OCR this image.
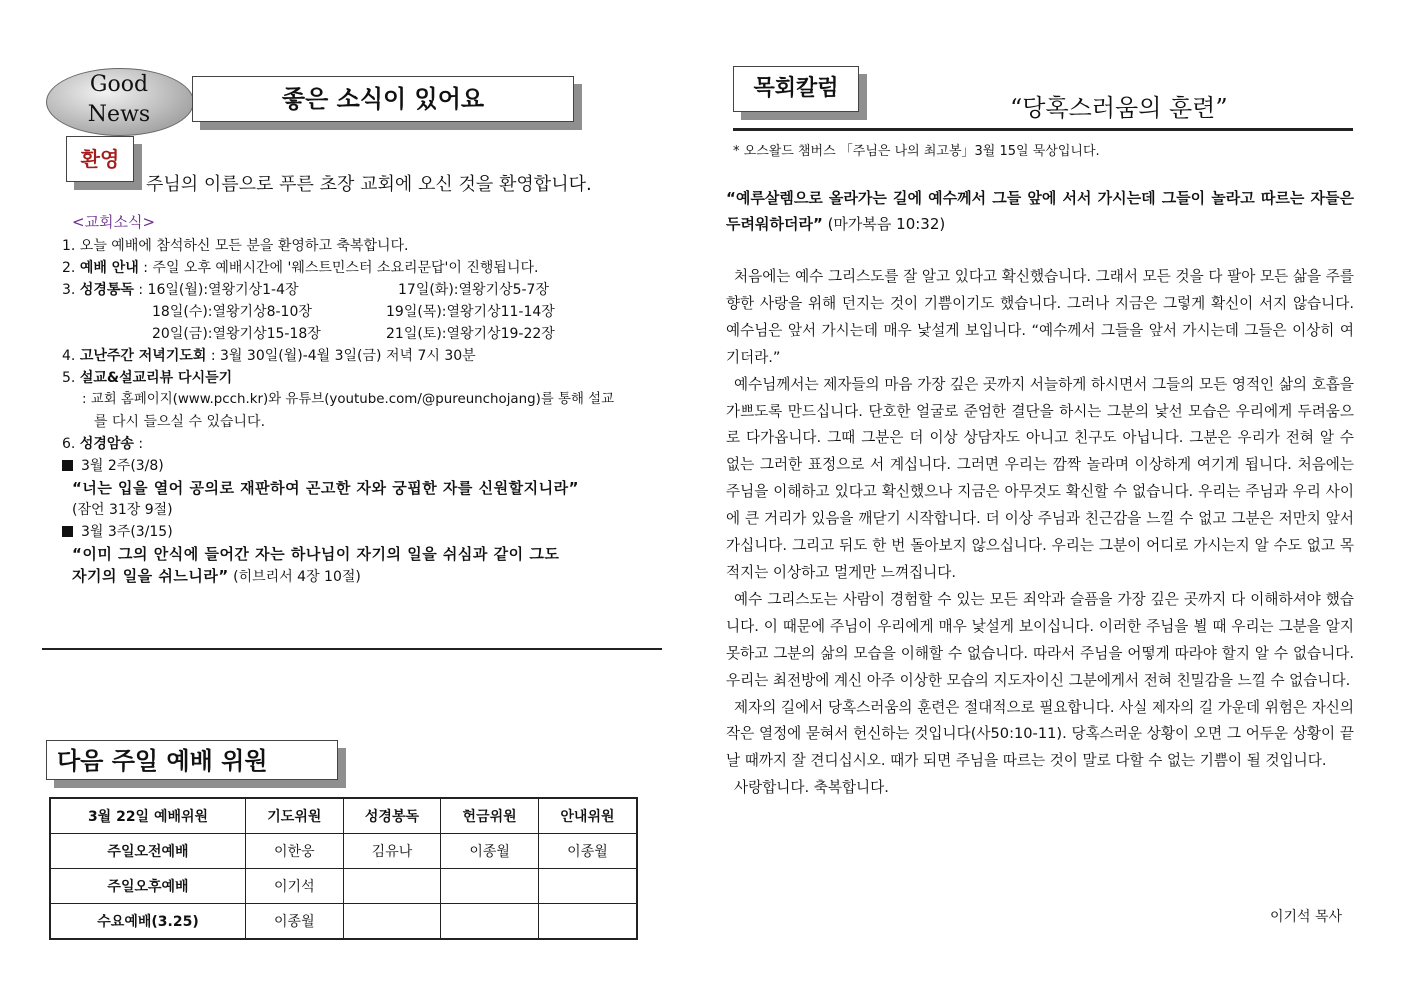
Good
News
좋은 소식이 있어요
환영
주님의 이름으로 푸른 초장 교회에 오신 것을 환영합니다.
<교회소식>
1. 오늘 예배에 참석하신 모든 분을 환영하고 축복합니다.
2. 예배 안내 : 주일 오후 예배시간에 '웨스트민스터 소요리문답'이 진행됩니다.
3. 성경통독 : 16일(월):열왕기상1-4장	17일(화):열왕기상5-7장
18일(수):열왕기상8-10장	19일(목):열왕기상11-14장
20일(금):열왕기상15-18장	21일(토):열왕기상19-22장
4. 고난주간 저녁기도회 : 3월 30일(월)-4월 3일(금) 저녁 7시 30분
5. 설교&설교리뷰 다시듣기
: 교회 홈페이지(www.pcch.kr)와 유튜브(youtube.com/@pureunchojang)를 통해 설교
를 다시 들으실 수 있습니다.
6. 성경암송 :
3월 2주(3/8)
“너는 입을 열어 공의로 재판하여 곤고한 자와 궁핍한 자를 신원할지니라”
(잠언 31장 9절)
3월 3주(3/15)
“이미 그의 안식에 들어간 자는 하나님이 자기의 일을 쉬심과 같이 그도
자기의 일을 쉬느니라” (히브리서 4장 10절)
다음 주일 예배 위원
3월 22일 예배위원	기도위원	성경봉독	헌금위원	안내위원
주일오전예배	이한웅	김유나	이종월	이종월
주일오후예배	이기석			
수요예배(3.25)	이종월			
목회칼럼
“당혹스러움의 훈련”
* 오스왈드 챔버스 「주님은 나의 최고봉」3월 15일 묵상입니다.
“예루살렘으로 올라가는 길에 예수께서 그들 앞에 서서 가시는데 그들이 놀라고 따르는 자들은 두려워하더라” (마가복음 10:32)

처음에는 예수 그리스도를 잘 알고 있다고 확신했습니다. 그래서 모든 것을 다 팔아 모든 삶을 주를 향한 사랑을 위해 던지는 것이 기쁨이기도 했습니다. 그러나 지금은 그렇게 확신이 서지 않습니다. 예수님은 앞서 가시는데 매우 낯설게 보입니다. “예수께서 그들을 앞서 가시는데 그들은 이상히 여기더라.”

예수님께서는 제자들의 마음 가장 깊은 곳까지 서늘하게 하시면서 그들의 모든 영적인 삶의 호흡을 가쁘도록 만드십니다. 단호한 얼굴로 준엄한 결단을 하시는 그분의 낯선 모습은 우리에게 두려움으로 다가옵니다. 그때 그분은 더 이상 상담자도 아니고 친구도 아닙니다. 그분은 우리가 전혀 알 수 없는 그러한 표정으로 서 계십니다. 그러면 우리는 깜짝 놀라며 이상하게 여기게 됩니다. 처음에는 주님을 이해하고 있다고 확신했으나 지금은 아무것도 확신할 수 없습니다. 우리는 주님과 우리 사이에 큰 거리가 있음을 깨닫기 시작합니다. 더 이상 주님과 친근감을 느낄 수 없고 그분은 저만치 앞서 가십니다. 그리고 뒤도 한 번 돌아보지 않으십니다. 우리는 그분이 어디로 가시는지 알 수도 없고 목적지는 이상하고 멀게만 느껴집니다.

예수 그리스도는 사람이 경험할 수 있는 모든 죄악과 슬픔을 가장 깊은 곳까지 다 이해하셔야 했습니다. 이 때문에 주님이 우리에게 매우 낯설게 보이십니다. 이러한 주님을 뵐 때 우리는 그분을 알지 못하고 그분의 삶의 모습을 이해할 수 없습니다. 따라서 주님을 어떻게 따라야 할지 알 수 없습니다. 우리는 최전방에 계신 아주 이상한 모습의 지도자이신 그분에게서 전혀 친밀감을 느낄 수 없습니다.

제자의 길에서 당혹스러움의 훈련은 절대적으로 필요합니다. 사실 제자의 길 가운데 위험은 자신의 작은 열정에 묻혀서 헌신하는 것입니다(사50:10-11). 당혹스러운 상황이 오면 그 어두운 상황이 끝날 때까지 잘 견디십시오. 때가 되면 주님을 따르는 것이 말로 다할 수 없는 기쁨이 될 것입니다.

사랑합니다. 축복합니다.

이기석 목사
